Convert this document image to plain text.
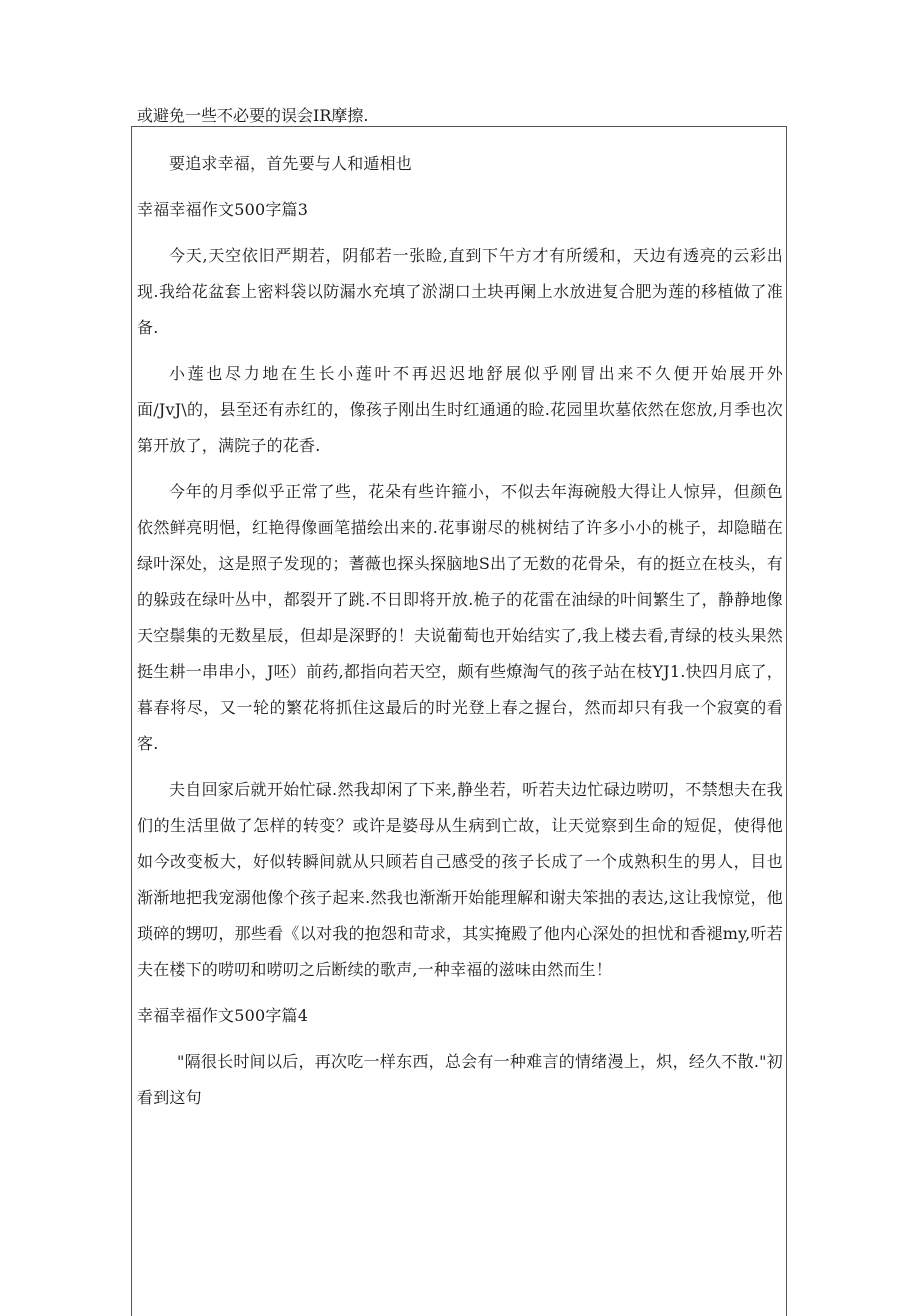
或避免一些不必要的误会IR摩擦.

要追求幸福，首先要与人和遁相也

幸福幸福作文500字篇3

今天,天空依旧严期若，阴郁若一张睑,直到下午方才有所缓和，天边有透亮的云彩出现.我给花盆套上密料袋以防漏水充填了淤湖口土块再阑上水放进复合肥为莲的移植做了准备.

小莲也尽力地在生长小莲叶不再迟迟地舒展似乎刚冒出来不久便开始展开外面/JvJ\的，县至还有赤红的，像孩子刚出生时红通通的睑.花园里坎墓依然在您放,月季也次第开放了，满院子的花香.

今年的月季似乎正常了些，花朵有些许箍小，不似去年海碗般大得让人惊异，但颜色依然鲜亮明悒，红艳得像画笔描绘出来的.花事谢尽的桃树结了许多小小的桃子，却隐瞄在绿叶深处，这是照子发现的；蓍薇也探头探脑地S出了无数的花骨朵，有的挺立在枝头，有的躲豉在绿叶丛中，都裂开了跳.不日即将开放.桅子的花雷在油绿的叶间繁生了，静静地像天空鬃集的无数星辰，但却是深野的！夫说葡萄也开始结实了,我上楼去看,青绿的枝头果然挺生耕一串串小，J呸）前药,都指向若天空，颇有些燎淘气的孩子站在枝YJ1.快四月底了，暮春将尽，又一轮的繁花将抓住这最后的时光登上春之握台，然而却只有我一个寂寞的看客.

夫自回家后就开始忙碌.然我却闲了下来,静坐若，听若夫边忙碌边唠叨，不禁想夫在我们的生活里做了怎样的转变？或许是婆母从生病到亡故，让天觉察到生命的短促，使得他如今改变板大，好似转瞬间就从只顾若自己感受的孩子长成了一个成熟积生的男人，目也渐渐地把我宠溺他像个孩子起来.然我也渐渐开始能理解和谢夫笨拙的表达,这让我惊觉，他琐碎的甥叨，那些看《以对我的抱怨和苛求，其实掩殿了他内心深处的担忧和香褪my,听若夫在楼下的唠叨和唠叨之后断续的歌声,一种幸福的滋味由然而生！

幸福幸福作文500字篇4

"隔很长时间以后，再次吃一样东西，总会有一种难言的情绪漫上，炽，经久不散."初看到这句
